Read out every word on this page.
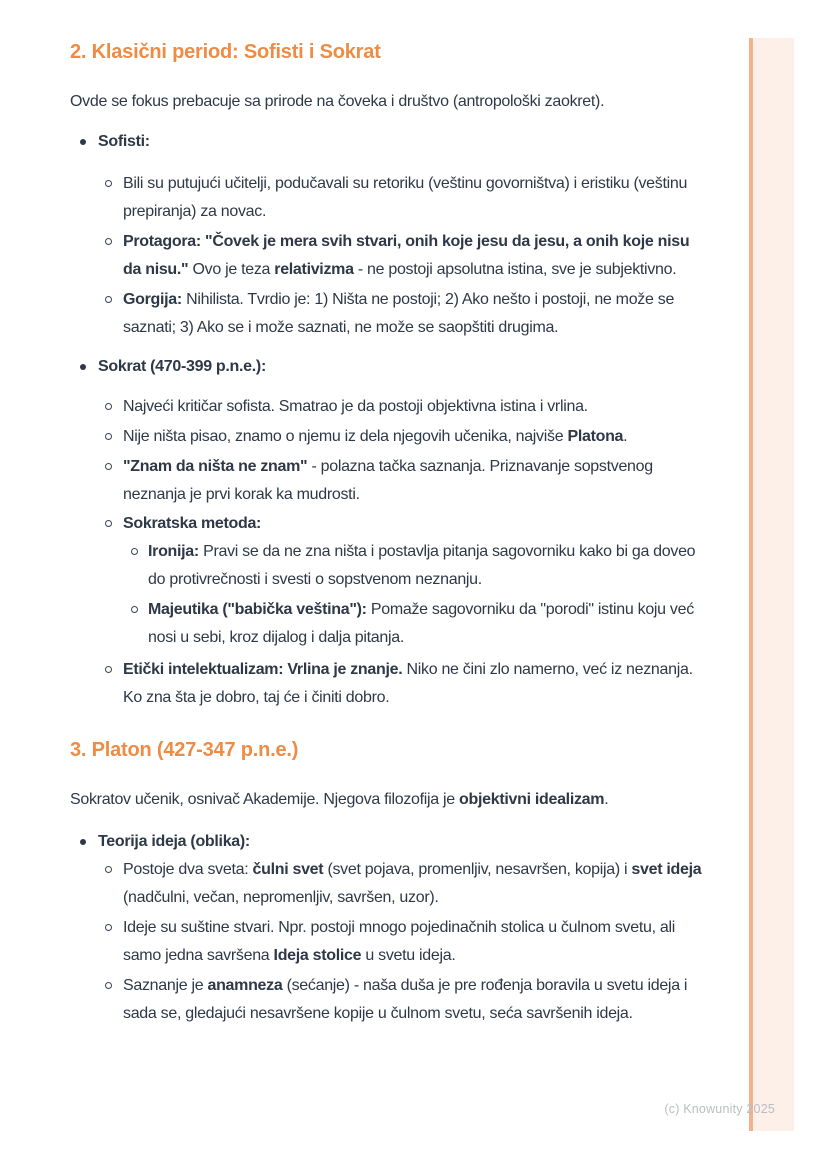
2. Klasični period: Sofisti i Sokrat
Ovde se fokus prebacuje sa prirode na čoveka i društvo (antropološki zaokret).
Sofisti:
Bili su putujući učitelji, podučavali su retoriku (veštinu govorništva) i eristiku (veštinu prepiranja) za novac.
Protagora: "Čovek je mera svih stvari, onih koje jesu da jesu, a onih koje nisu da nisu." Ovo je teza relativizma - ne postoji apsolutna istina, sve je subjektivno.
Gorgija: Nihilista. Tvrdio je: 1) Ništa ne postoji; 2) Ako nešto i postoji, ne može se saznati; 3) Ako se i može saznati, ne može se saopštiti drugima.
Sokrat (470-399 p.n.e.):
Najveći kritičar sofista. Smatrao je da postoji objektivna istina i vrlina.
Nije ništa pisao, znamo o njemu iz dela njegovih učenika, najviše Platona.
"Znam da ništa ne znam" - polazna tačka saznanja. Priznavanje sopstvenog neznanja je prvi korak ka mudrosti.
Sokratska metoda:
Ironija: Pravi se da ne zna ništa i postavlja pitanja sagovorniku kako bi ga doveo do protivrečnosti i svesti o sopstvenom neznanju.
Majeutika ("babička veština"): Pomaže sagovorniku da "porodi" istinu koju već nosi u sebi, kroz dijalog i dalja pitanja.
Etički intelektualizam: Vrlina je znanje. Niko ne čini zlo namerno, već iz neznanja. Ko zna šta je dobro, taj će i činiti dobro.
3. Platon (427-347 p.n.e.)
Sokratov učenik, osnivač Akademije. Njegova filozofija je objektivni idealizam.
Teorija ideja (oblika):
Postoje dva sveta: čulni svet (svet pojava, promenljiv, nesavršen, kopija) i svet ideja (nadčulni, večan, nepromenljiv, savršen, uzor).
Ideje su suštine stvari. Npr. postoji mnogo pojedinačnih stolica u čulnom svetu, ali samo jedna savršena Ideja stolice u svetu ideja.
Saznanje je anamneza (sećanje) - naša duša je pre rođenja boravila u svetu ideja i sada se, gledajući nesavršene kopije u čulnom svetu, seća savršenih ideja.
(c) Knowunity 2025
